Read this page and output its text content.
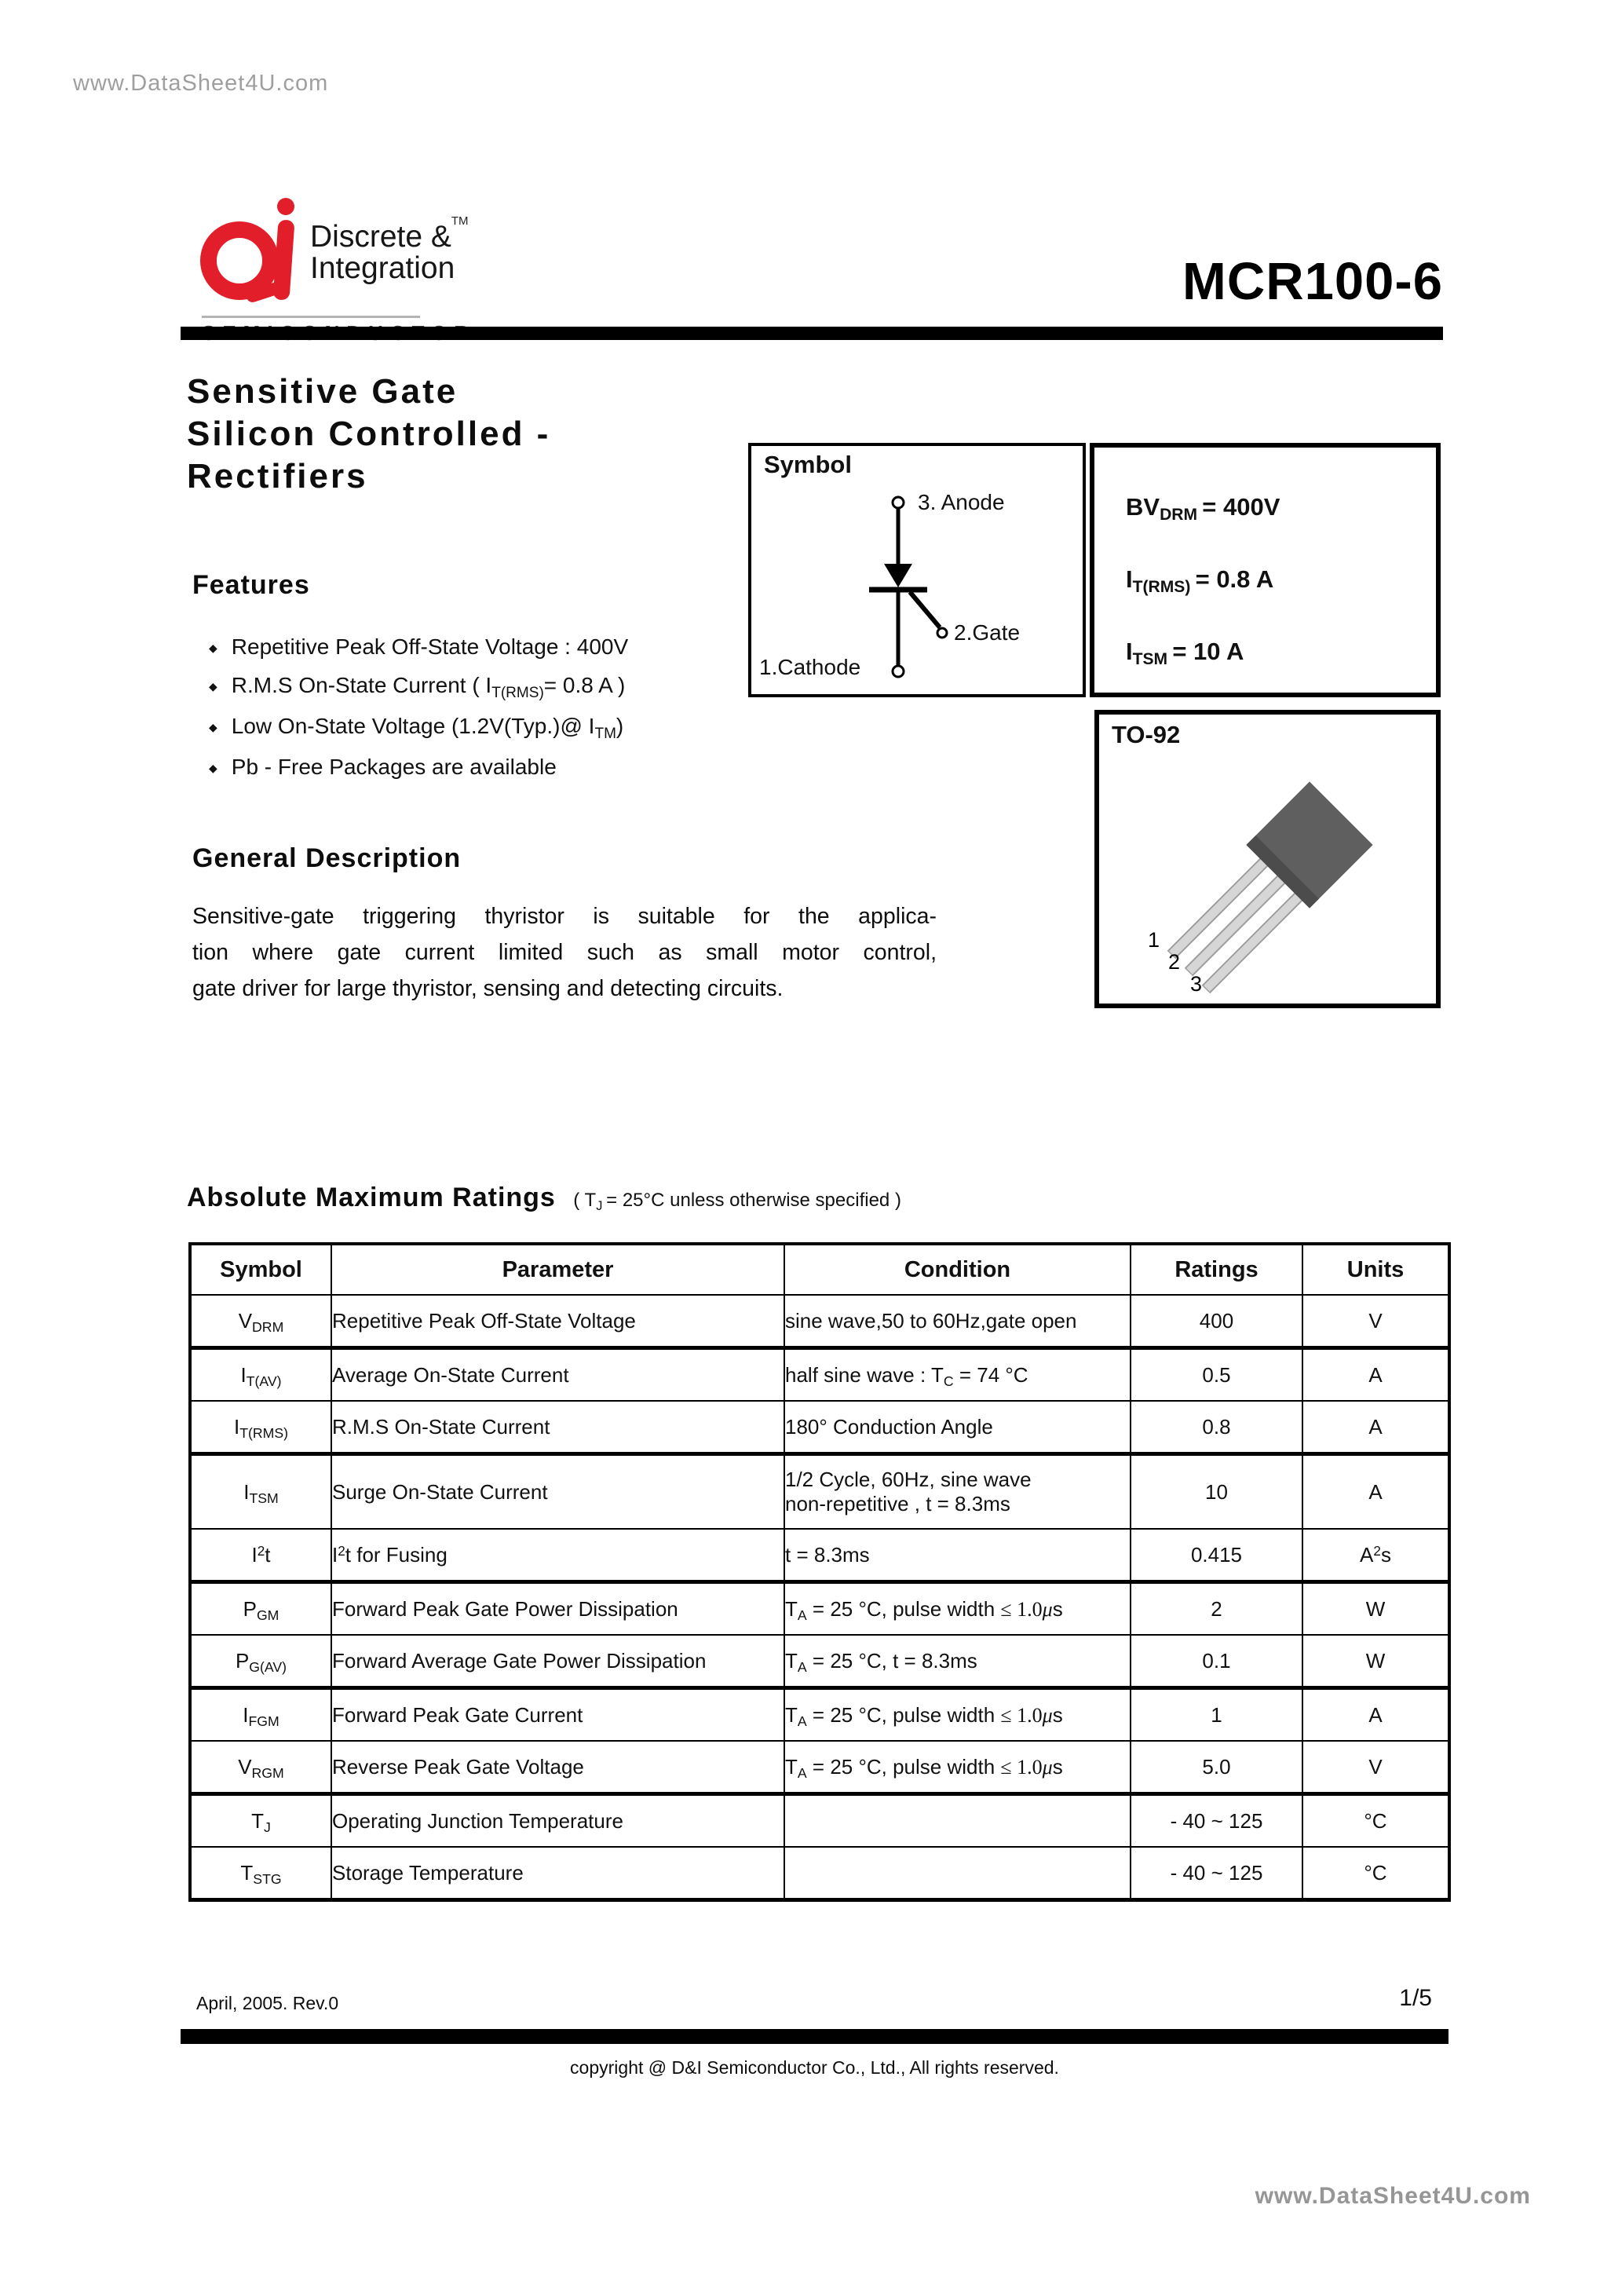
www.DataSheet4U.com
Discrete &™
Integration	MCR100-6
Sensitive Gate
Silicon Controlled -
Rectifiers
Features
◆ Repetitive Peak Off-State Voltage : 400V
◆ R.M.S On-State Current ( $I_{T(RMS)}= 0.8$ A )
◆ Low On-State Voltage (1.2V(Typ.)@ $I_{TM}$)
◆ Pb - Free Packages are available
Symbol
3. Anode
2.Gate
1.Cathode
$BV_{DRM} = 400V$
$I_{T(RMS)} = 0.8$ A
$I_{TSM} = 10$ A
TO-92
1
2
3
General Description
Sensitive-gate triggering thyristor is suitable for the applica-
tion where gate current limited such as small motor control,
gate driver for large thyristor, sensing and detecting circuits.
Absolute Maximum Ratings ( $T_J = 25^\circ C$ unless otherwise specified )
Symbol	Parameter	Condition	Ratings	Units
$V_{DRM}$	Repetitive Peak Off-State Voltage	sine wave,50 to 60Hz,gate open	400	V
$I_{T(AV)}$	Average On-State Current	half sine wave : $T_C = 74$ °C	0.5	A
$I_{T(RMS)}$	R.M.S On-State Current	180° Conduction Angle	0.8	A
$I_{TSM}$	Surge On-State Current	1/2 Cycle, 60Hz, sine wave
non-repetitive , t = 8.3ms	10	A
$I^2t$	$I^2t$ for Fusing	t = 8.3ms	0.415	$A^2s$
$P_{GM}$	Forward Peak Gate Power Dissipation	$T_A = 25$ °C, pulse width ≤ 1.0μs	2	W
$P_{G(AV)}$	Forward Average Gate Power Dissipation	$T_A = 25$ °C, t = 8.3ms	0.1	W
$I_{FGM}$	Forward Peak Gate Current	$T_A = 25$ °C, pulse width ≤ 1.0μs	1	A
$V_{RGM}$	Reverse Peak Gate Voltage	$T_A = 25$ °C, pulse width ≤ 1.0μs	5.0	V
$T_J$	Operating Junction Temperature		- 40 ~ 125	°C
$T_{STG}$	Storage Temperature		- 40 ~ 125	°C
April, 2005. Rev.0	1/5
copyright @ D&I Semiconductor Co., Ltd., All rights reserved.
www.DataSheet4U.com
